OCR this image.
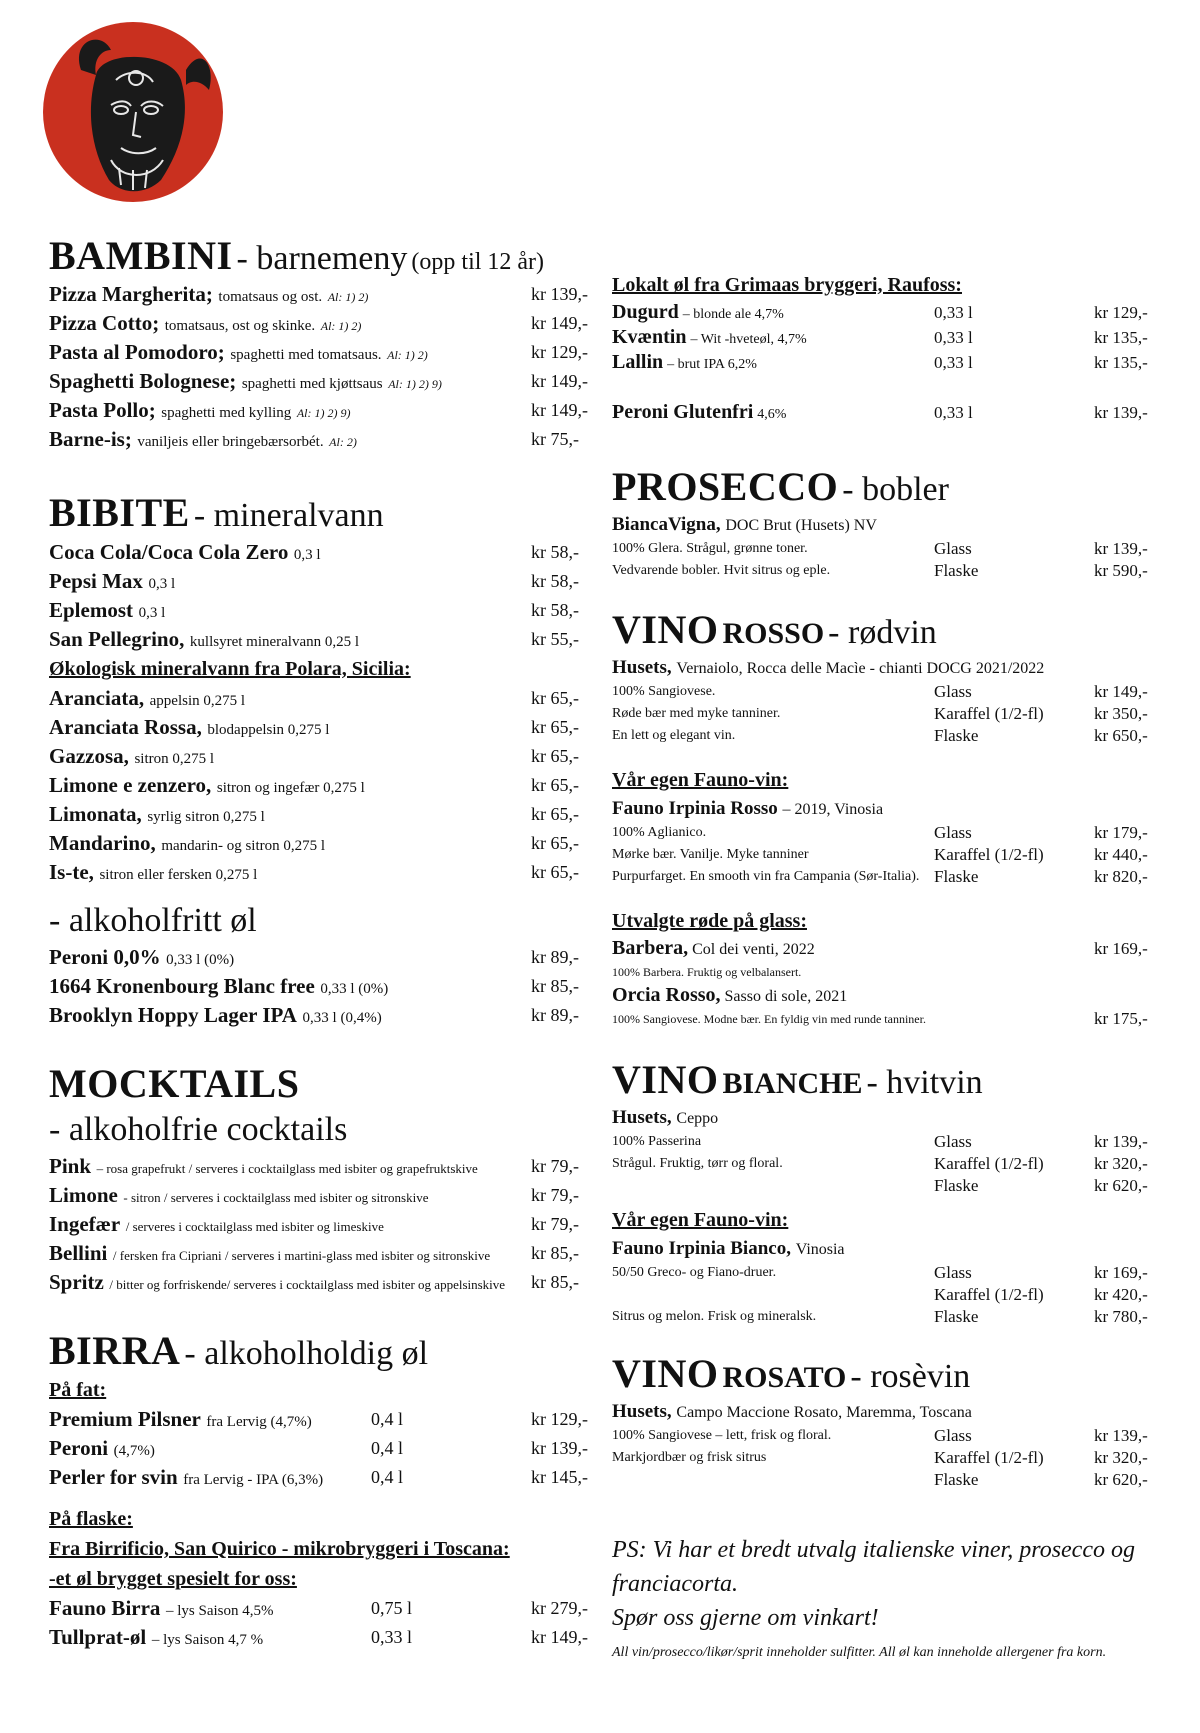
BAMBINI - barnemeny (opp til 12 år)
Pizza Margherita; tomatsaus og ost. Al: 1) 2)	kr 139,-
Pizza Cotto; tomatsaus, ost og skinke. Al: 1) 2)	kr 149,-
Pasta al Pomodoro; spaghetti med tomatsaus. Al: 1) 2)	kr 129,-
Spaghetti Bolognese; spaghetti med kjøttsaus Al: 1) 2) 9)	kr 149,-
Pasta Pollo; spaghetti med kylling Al: 1) 2) 9)	kr 149,-
Barne-is; vaniljeis eller bringebærsorbét. Al: 2)	kr 75,-
BIBITE - mineralvann
Coca Cola/Coca Cola Zero 0,3 l	kr 58,-
Pepsi Max 0,3 l	kr 58,-
Eplemost 0,3 l	kr 58,-
San Pellegrino, kullsyret mineralvann 0,25 l	kr 55,-
Økologisk mineralvann fra Polara, Sicilia:
Aranciata, appelsin 0,275 l	kr 65,-
Aranciata Rossa, blodappelsin 0,275 l	kr 65,-
Gazzosa, sitron 0,275 l	kr 65,-
Limone e zenzero, sitron og ingefær 0,275 l	kr 65,-
Limonata, syrlig sitron 0,275 l	kr 65,-
Mandarino, mandarin- og sitron 0,275 l	kr 65,-
Is-te, sitron eller fersken 0,275 l	kr 65,-
- alkoholfritt øl
Peroni 0,0% 0,33 l (0%)	kr 89,-
1664 Kronenbourg Blanc free 0,33 l (0%)	kr 85,-
Brooklyn Hoppy Lager IPA 0,33 l (0,4%)	kr 89,-
MOCKTAILS
- alkoholfrie cocktails
Pink – rosa grapefrukt / serveres i cocktailglass med isbiter og grapefruktskive	kr 79,-
Limone - sitron / serveres i cocktailglass med isbiter og sitronskive	kr 79,-
Ingefær / serveres i cocktailglass med isbiter og limeskive	kr 79,-
Bellini / fersken fra Cipriani / serveres i martini-glass med isbiter og sitronskive kr 85,-
Spritz / bitter og forfriskende/ serveres i cocktailglass med isbiter og appelsinskive kr 85,-
BIRRA - alkoholholdig øl
På fat:
Premium Pilsner fra Lervig (4,7%)	0,4 l	kr 129,-
Peroni (4,7%)	0,4 l	kr 139,-
Perler for svin fra Lervig - IPA (6,3%)	0,4 l	kr 145,-
På flaske:
Fra Birrificio, San Quirico - mikrobryggeri i Toscana:
-et øl brygget spesielt for oss:
Fauno Birra – lys Saison 4,5%	0,75 l	kr 279,-
Tullprat-øl – lys Saison 4,7 %	0,33 l	kr 149,-
Lokalt øl fra Grimaas bryggeri, Raufoss:
Dugurd – blonde ale 4,7%	0,33 l	kr 129,-
Kvæntin – Wit -hveteøl, 4,7%	0,33 l	kr 135,-
Lallin – brut IPA 6,2%	0,33 l	kr 135,-
Peroni Glutenfri 4,6%	0,33 l	kr 139,-
PROSECCO - bobler
BiancaVigna, DOC Brut (Husets) NV
100% Glera. Strågul, grønne toner.	Glass	kr 139,-
Vedvarende bobler. Hvit sitrus og eple.	Flaske	kr 590,-
VINO ROSSO - rødvin
Husets, Vernaiolo, Rocca delle Macìe - chianti DOCG 2021/2022
100% Sangiovese.	Glass	kr 149,-
Røde bær med myke tanniner.	Karaffel (1/2-fl)	kr 350,-
En lett og elegant vin.	Flaske	kr 650,-
Vår egen Fauno-vin:
Fauno Irpinia Rosso – 2019, Vinosia
100% Aglianico.	Glass	kr 179,-
Mørke bær. Vanilje. Myke tanniner	Karaffel (1/2-fl)	kr 440,-
Purpurfarget. En smooth vin fra Campania (Sør-Italia). Flaske	kr 820,-
Utvalgte røde på glass:
Barbera, Col dei venti, 2022	kr 169,-
100% Barbera. Fruktig og velbalansert.
Orcia Rosso, Sasso di sole, 2021
100% Sangiovese. Modne bær. En fyldig vin med runde tanniner.	kr 175,-
VINO BIANCHE - hvitvin
Husets, Ceppo
100% Passerina	Glass	kr 139,-
Strågul. Fruktig, tørr og floral.	Karaffel (1/2-fl)	kr 320,-
Flaske	kr 620,-
Vår egen Fauno-vin:
Fauno Irpinia Bianco, Vinosia
50/50 Greco- og Fiano-druer.	Glass	kr 169,-
Karaffel (1/2-fl)	kr 420,-
Sitrus og melon. Frisk og mineralsk.	Flaske	kr 780,-
VINO ROSATO - rosèvin
Husets, Campo Maccione Rosato, Maremma, Toscana
100% Sangiovese – lett, frisk og floral.	Glass	kr 139,-
Markjordbær og frisk sitrus	Karaffel (1/2-fl)	kr 320,-
Flaske	kr 620,-
PS: Vi har et bredt utvalg italienske viner, prosecco og franciacorta.
Spør oss gjerne om vinkart!
All vin/prosecco/likør/sprit inneholder sulfitter. All øl kan inneholde allergener fra korn.
